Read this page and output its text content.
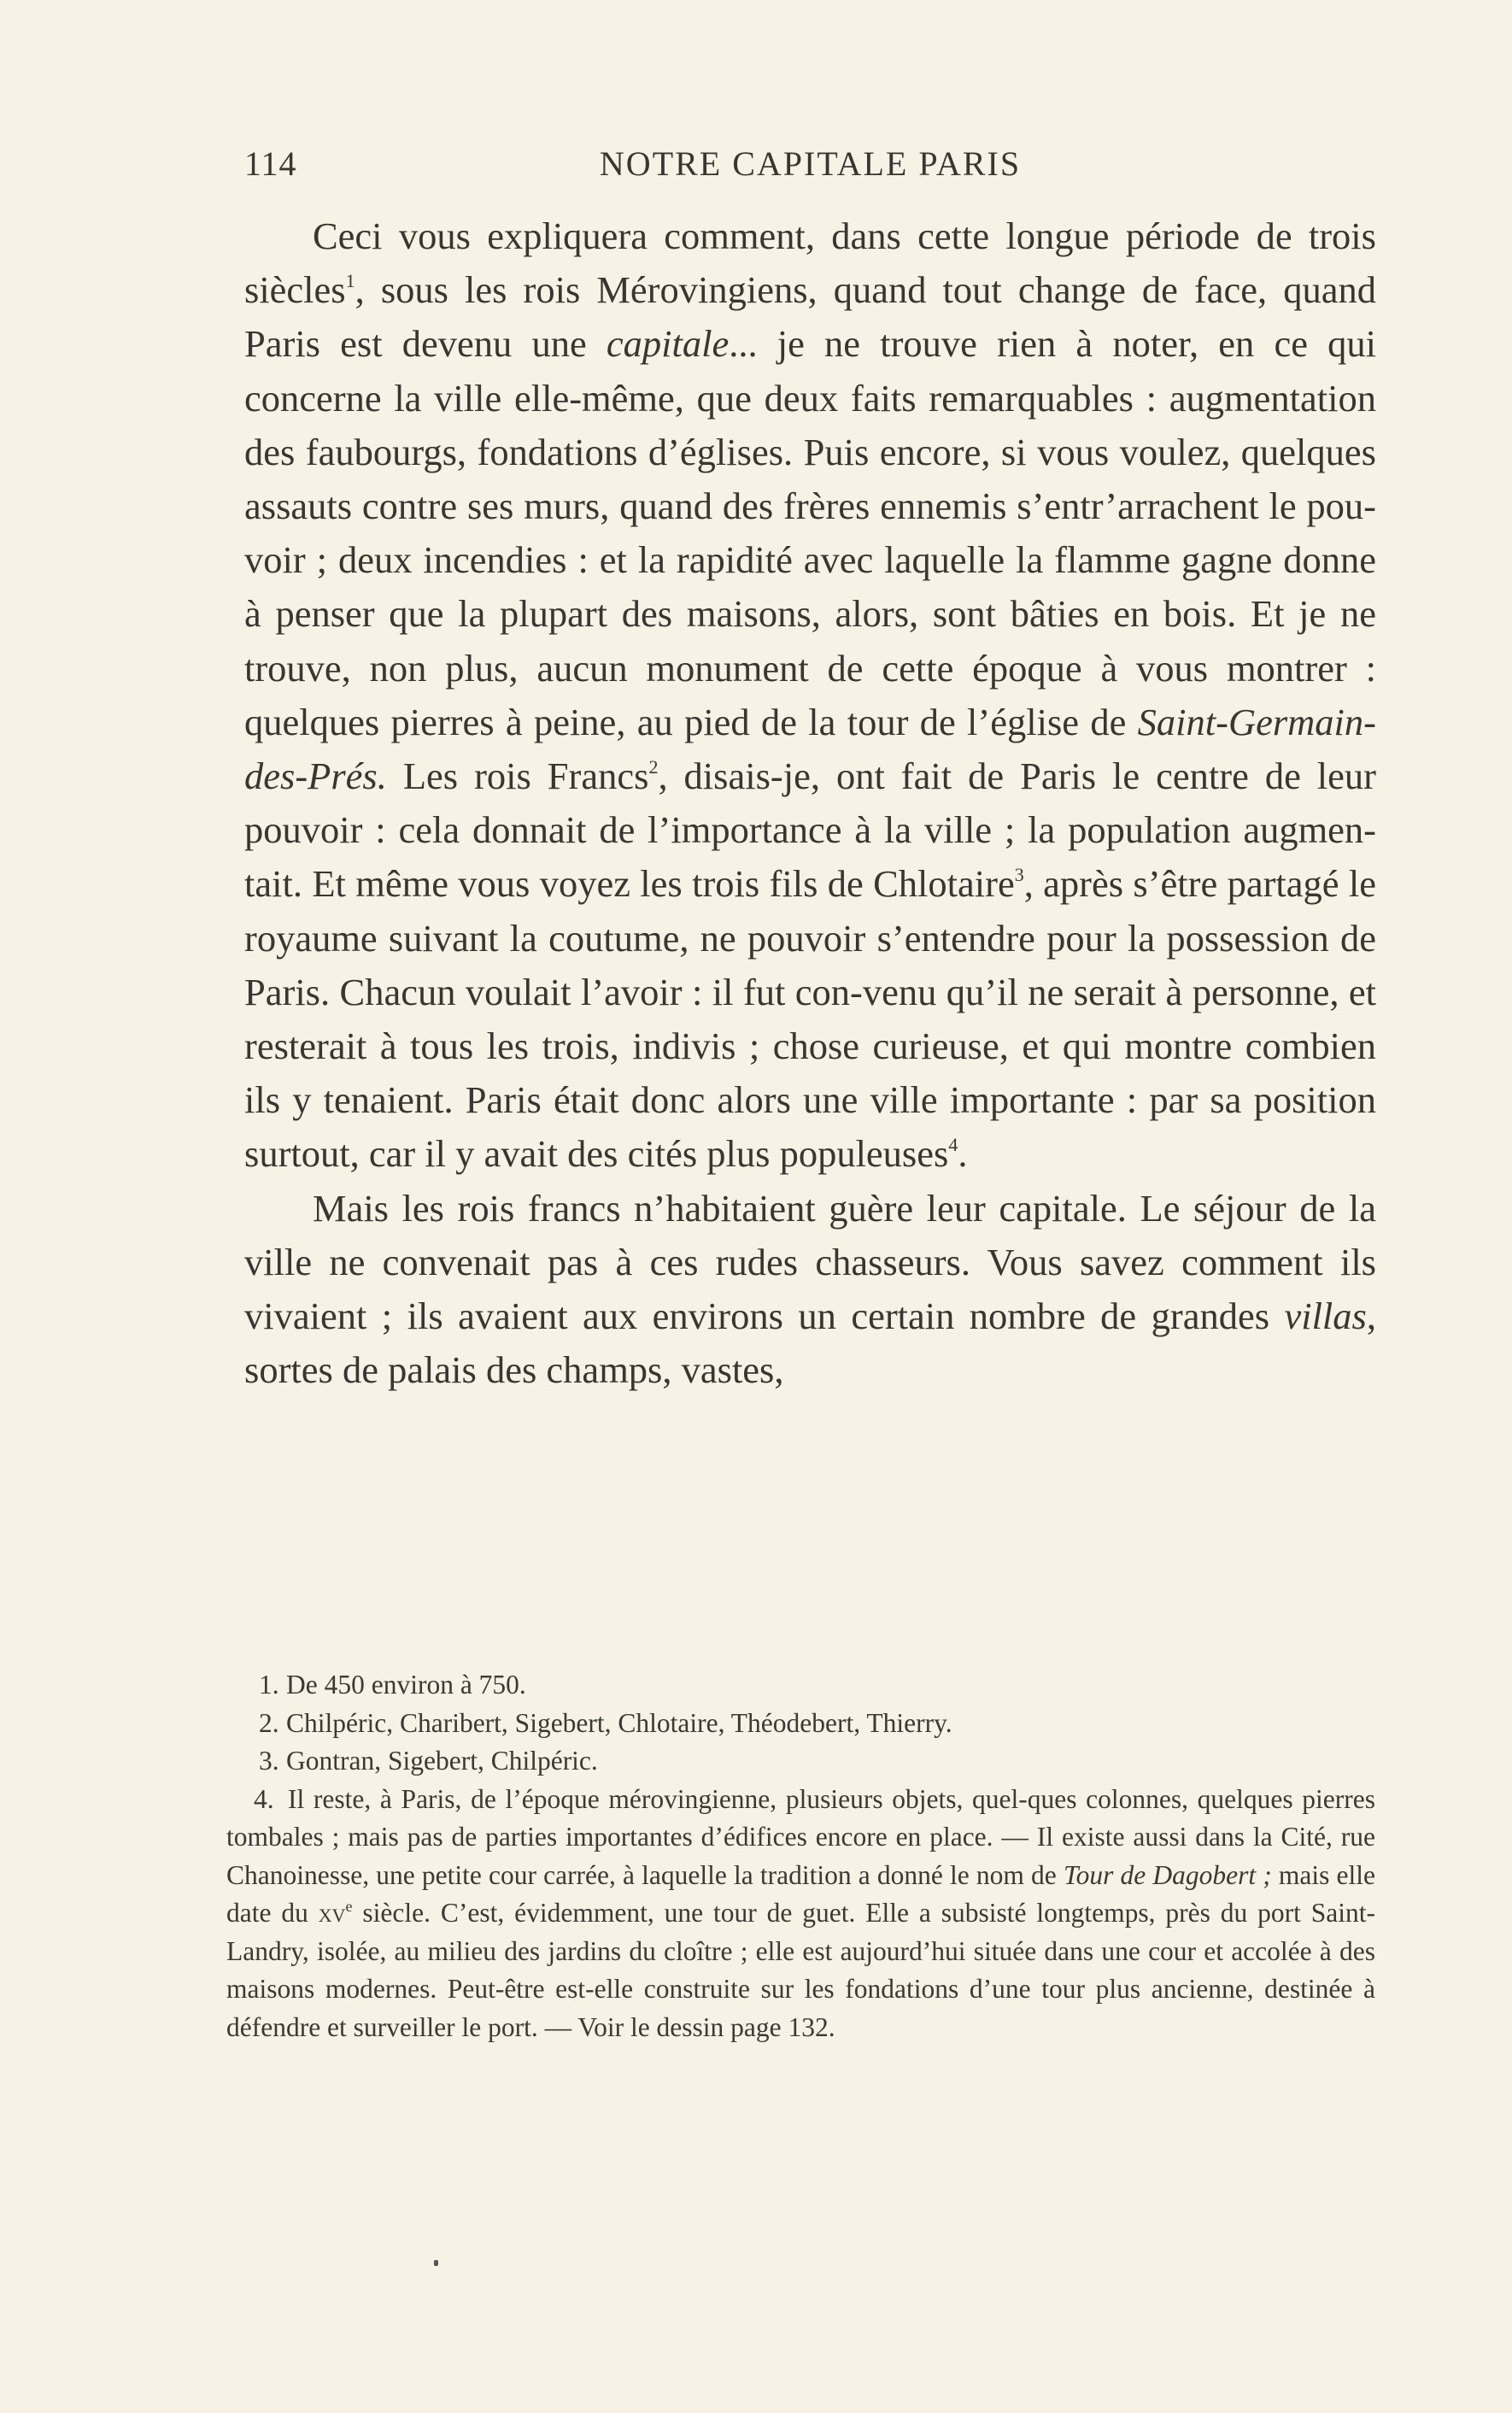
114	NOTRE CAPITALE PARIS

Ceci vous expliquera comment, dans cette longue période de trois siècles$^1$, sous les rois Mérovingiens, quand tout change de face, quand Paris est devenu une capitale... je ne trouve rien à noter, en ce qui concerne la ville elle-même, que deux faits remarquables : augmentation des faubourgs, fondations d’églises. Puis encore, si vous voulez, quelques assauts contre ses murs, quand des frères ennemis s’entr’arrachent le pou-voir ; deux incendies : et la rapidité avec laquelle la flamme gagne donne à penser que la plupart des maisons, alors, sont bâties en bois. Et je ne trouve, non plus, aucun monument de cette époque à vous montrer : quelques pierres à peine, au pied de la tour de l’église de Saint-Germain-des-Prés. Les rois Francs$^2$, disais-je, ont fait de Paris le centre de leur pouvoir : cela donnait de l’importance à la ville ; la population augmen-tait. Et même vous voyez les trois fils de Chlotaire$^3$, après s’être partagé le royaume suivant la coutume, ne pouvoir s’entendre pour la possession de Paris. Chacun voulait l’avoir : il fut con-venu qu’il ne serait à personne, et resterait à tous les trois, indivis ; chose curieuse, et qui montre combien ils y tenaient. Paris était donc alors une ville importante : par sa position surtout, car il y avait des cités plus populeuses$^4$.

Mais les rois francs n’habitaient guère leur capitale. Le séjour de la ville ne convenait pas à ces rudes chasseurs. Vous savez comment ils vivaient ; ils avaient aux environs un certain nombre de grandes villas, sortes de palais des champs, vastes,

1. De 450 environ à 750.

2. Chilpéric, Charibert, Sigebert, Chlotaire, Théodebert, Thierry.

3. Gontran, Sigebert, Chilpéric.

4. Il reste, à Paris, de l’époque mérovingienne, plusieurs objets, quel-ques colonnes, quelques pierres tombales ; mais pas de parties importantes d’édifices encore en place. — Il existe aussi dans la Cité, rue Chanoinesse, une petite cour carrée, à laquelle la tradition a donné le nom de Tour de Dagobert ; mais elle date du $xv^e$ siècle. C’est, évidemment, une tour de guet. Elle a subsisté longtemps, près du port Saint-Landry, isolée, au milieu des jardins du cloître ; elle est aujourd’hui située dans une cour et accolée à des maisons modernes. Peut-être est-elle construite sur les fondations d’une tour plus ancienne, destinée à défendre et surveiller le port. — Voir le dessin page 132.
